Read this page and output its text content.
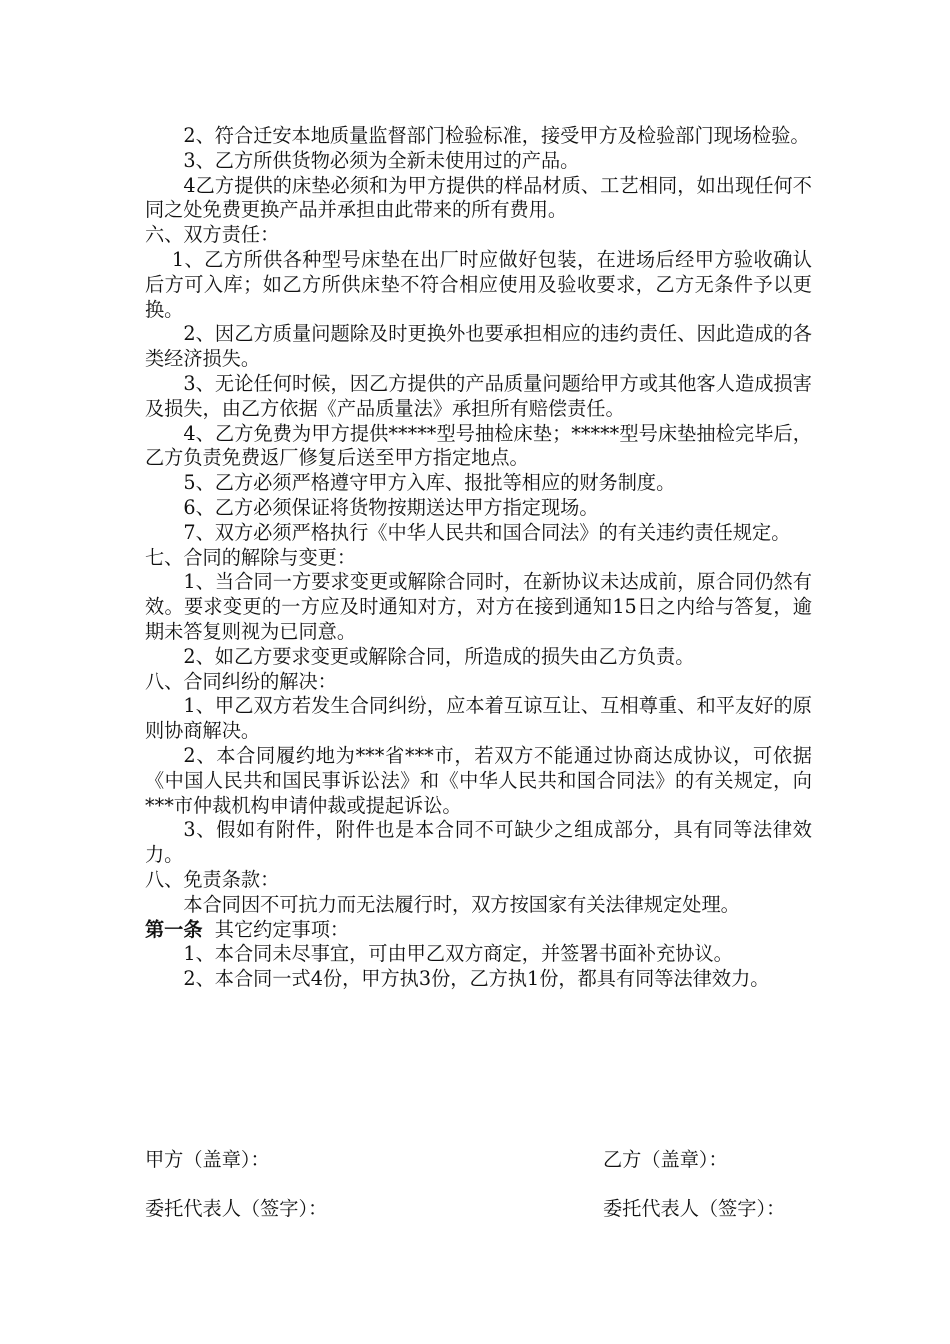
2、符合迁安本地质量监督部门检验标准，接受甲方及检验部门现场检验。

3、乙方所供货物必须为全新未使用过的产品。

4乙方提供的床垫必须和为甲方提供的样品材质、工艺相同，如出现任何不同之处免费更换产品并承担由此带来的所有费用。

六、双方责任：

1、乙方所供各种型号床垫在出厂时应做好包装，在进场后经甲方验收确认后方可入库；如乙方所供床垫不符合相应使用及验收要求，乙方无条件予以更换。

2、因乙方质量问题除及时更换外也要承担相应的违约责任、因此造成的各类经济损失。

3、无论任何时候，因乙方提供的产品质量问题给甲方或其他客人造成损害及损失，由乙方依据《产品质量法》承担所有赔偿责任。

4、乙方免费为甲方提供*****型号抽检床垫；*****型号床垫抽检完毕后，乙方负责免费返厂修复后送至甲方指定地点。

5、乙方必须严格遵守甲方入库、报批等相应的财务制度。

6、乙方必须保证将货物按期送达甲方指定现场。

7、双方必须严格执行《中华人民共和国合同法》的有关违约责任规定。

七、合同的解除与变更：

1、当合同一方要求变更或解除合同时，在新协议未达成前，原合同仍然有效。要求变更的一方应及时通知对方，对方在接到通知15日之内给与答复，逾期未答复则视为已同意。

2、如乙方要求变更或解除合同，所造成的损失由乙方负责。

八、合同纠纷的解决：

1、甲乙双方若发生合同纠纷，应本着互谅互让、互相尊重、和平友好的原则协商解决。

2、本合同履约地为***省***市，若双方不能通过协商达成协议，可依据《中国人民共和国民事诉讼法》和《中华人民共和国合同法》的有关规定，向***市仲裁机构申请仲裁或提起诉讼。

3、假如有附件，附件也是本合同不可缺少之组成部分，具有同等法律效力。

八、免责条款：

本合同因不可抗力而无法履行时，双方按国家有关法律规定处理。

第一条  其它约定事项：

1、本合同未尽事宜，可由甲乙双方商定，并签署书面补充协议。

2、本合同一式4份，甲方执3份，乙方执1份，都具有同等法律效力。

甲方（盖章）：	乙方（盖章）：
委托代表人（签字）：	委托代表人（签字）：
